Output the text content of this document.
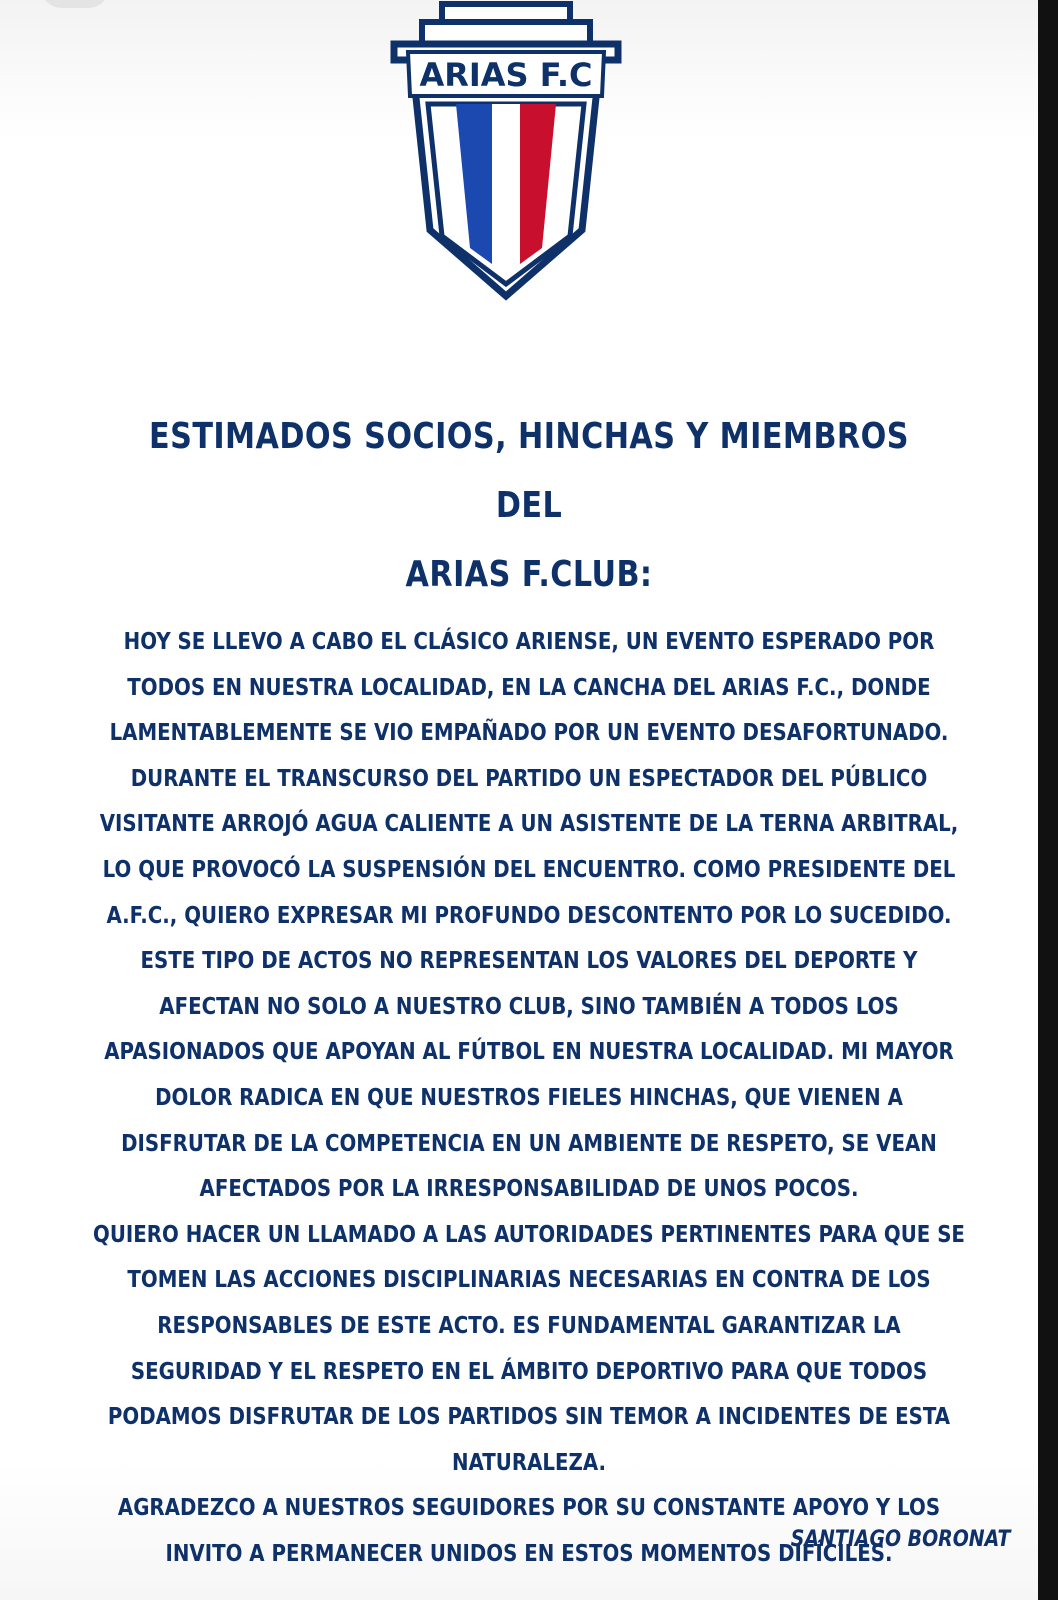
ARIAS F.C
ESTIMADOS SOCIOS, HINCHAS Y MIEMBROS DEL
ARIAS F.CLUB:

HOY SE LLEVO A CABO EL CLÁSICO ARIENSE, UN EVENTO ESPERADO POR TODOS EN NUESTRA LOCALIDAD, EN LA CANCHA DEL ARIAS F.C., DONDE LAMENTABLEMENTE SE VIO EMPAÑADO POR UN EVENTO DESAFORTUNADO. DURANTE EL TRANSCURSO DEL PARTIDO UN ESPECTADOR DEL PÚBLICO VISITANTE ARROJÓ AGUA CALIENTE A UN ASISTENTE DE LA TERNA ARBITRAL, LO QUE PROVOCÓ LA SUSPENSIÓN DEL ENCUENTRO. COMO PRESIDENTE DEL A.F.C., QUIERO EXPRESAR MI PROFUNDO DESCONTENTO POR LO SUCEDIDO. ESTE TIPO DE ACTOS NO REPRESENTAN LOS VALORES DEL DEPORTE Y AFECTAN NO SOLO A NUESTRO CLUB, SINO TAMBIÉN A TODOS LOS APASIONADOS QUE APOYAN AL FÚTBOL EN NUESTRA LOCALIDAD. MI MAYOR DOLOR RADICA EN QUE NUESTROS FIELES HINCHAS, QUE VIENEN A DISFRUTAR DE LA COMPETENCIA EN UN AMBIENTE DE RESPETO, SE VEAN AFECTADOS POR LA IRRESPONSABILIDAD DE UNOS POCOS.

QUIERO HACER UN LLAMADO A LAS AUTORIDADES PERTINENTES PARA QUE SE TOMEN LAS ACCIONES DISCIPLINARIAS NECESARIAS EN CONTRA DE LOS RESPONSABLES DE ESTE ACTO. ES FUNDAMENTAL GARANTIZAR LA SEGURIDAD Y EL RESPETO EN EL ÁMBITO DEPORTIVO PARA QUE TODOS PODAMOS DISFRUTAR DE LOS PARTIDOS SIN TEMOR A INCIDENTES DE ESTA NATURALEZA.

AGRADEZCO A NUESTROS SEGUIDORES POR SU CONSTANTE APOYO Y LOS INVITO A PERMANECER UNIDOS EN ESTOS MOMENTOS DIFÍCILES.

SANTIAGO BORONAT
